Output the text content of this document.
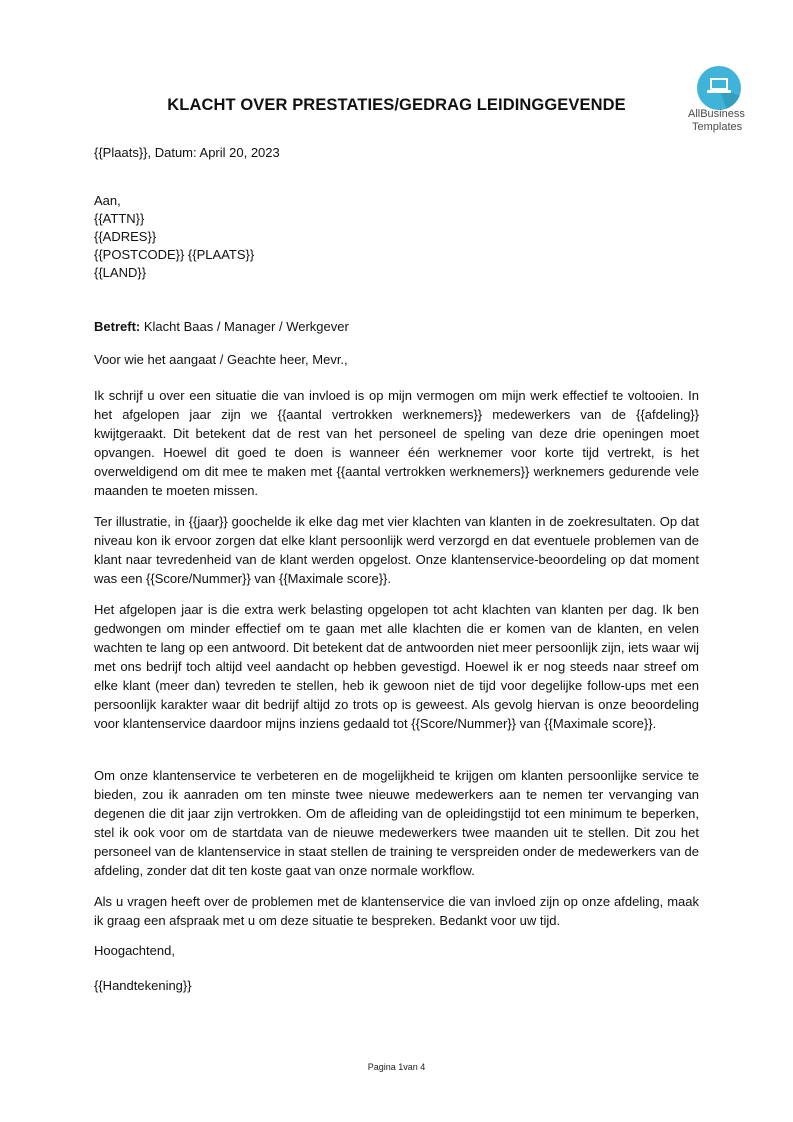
AllBusiness
Templates
KLACHT OVER PRESTATIES/GEDRAG LEIDINGGEVENDE
{{Plaats}}, Datum: April 20, 2023
Aan,
{{ATTN}}
{{ADRES}}
{{POSTCODE}} {{PLAATS}}
{{LAND}}
Betreft: Klacht Baas / Manager / Werkgever
Voor wie het aangaat / Geachte heer, Mevr.,
Ik schrijf u over een situatie die van invloed is op mijn vermogen om mijn werk effectief te voltooien. In het afgelopen jaar zijn we {{aantal vertrokken werknemers}} medewerkers van de {{afdeling}} kwijtgeraakt. Dit betekent dat de rest van het personeel de speling van deze drie openingen moet opvangen. Hoewel dit goed te doen is wanneer één werknemer voor korte tijd vertrekt, is het overweldigend om dit mee te maken met {{aantal vertrokken werknemers}} werknemers gedurende vele maanden te moeten missen.
Ter illustratie, in {{jaar}} goochelde ik elke dag met vier klachten van klanten in de zoekresultaten. Op dat niveau kon ik ervoor zorgen dat elke klant persoonlijk werd verzorgd en dat eventuele problemen van de klant naar tevredenheid van de klant werden opgelost. Onze klantenservice-beoordeling op dat moment was een {{Score/Nummer}} van {{Maximale score}}.
Het afgelopen jaar is die extra werk belasting opgelopen tot acht klachten van klanten per dag. Ik ben gedwongen om minder effectief om te gaan met alle klachten die er komen van de klanten, en velen wachten te lang op een antwoord. Dit betekent dat de antwoorden niet meer persoonlijk zijn, iets waar wij met ons bedrijf toch altijd veel aandacht op hebben gevestigd. Hoewel ik er nog steeds naar streef om elke klant (meer dan) tevreden te stellen, heb ik gewoon niet de tijd voor degelijke follow-ups met een persoonlijk karakter waar dit bedrijf altijd zo trots op is geweest. Als gevolg hiervan is onze beoordeling voor klantenservice daardoor mijns inziens gedaald tot {{Score/Nummer}} van {{Maximale score}}.
Om onze klantenservice te verbeteren en de mogelijkheid te krijgen om klanten persoonlijke service te bieden, zou ik aanraden om ten minste twee nieuwe medewerkers aan te nemen ter vervanging van degenen die dit jaar zijn vertrokken. Om de afleiding van de opleidingstijd tot een minimum te beperken, stel ik ook voor om de startdata van de nieuwe medewerkers twee maanden uit te stellen. Dit zou het personeel van de klantenservice in staat stellen de training te verspreiden onder de medewerkers van de afdeling, zonder dat dit ten koste gaat van onze normale workflow.
Als u vragen heeft over de problemen met de klantenservice die van invloed zijn op onze afdeling, maak ik graag een afspraak met u om deze situatie te bespreken. Bedankt voor uw tijd.
Hoogachtend,
{{Handtekening}}
Pagina 1van 4
